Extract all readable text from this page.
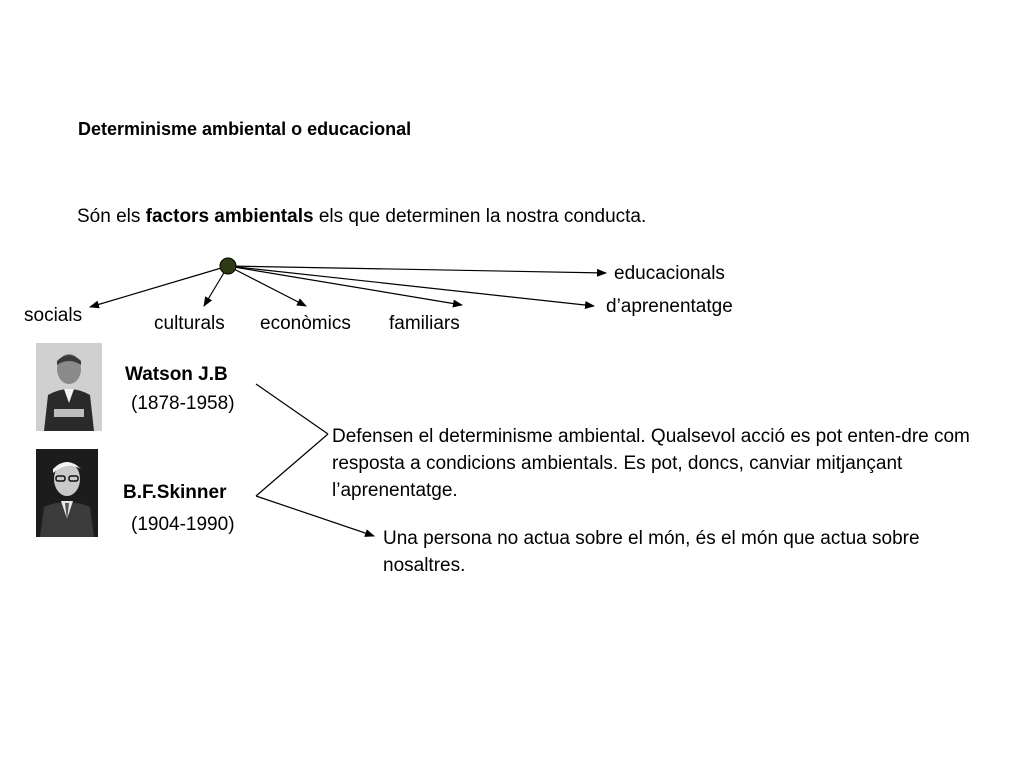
Determinisme ambiental o educacional
Són els factors ambientals els que determinen la nostra conducta.
educacionals
d’aprenentatge
socials	culturals econòmics familiars
Watson J.B
(1878-1958)
B.F.Skinner
(1904-1990)
Defensen el determinisme ambiental. Qualsevol acció es pot enten-dre com resposta a condicions ambientals. Es pot, doncs, canviar mitjançant l’aprenentatge.
Una persona no actua sobre el món, és el món que actua sobre nosaltres.
